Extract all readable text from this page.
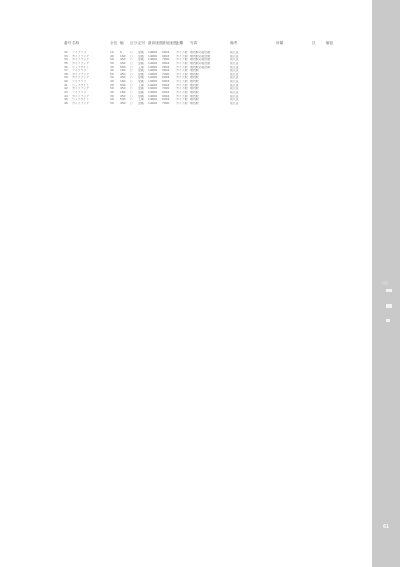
番号 名称	全長 幅	区分 記号 最高速度 最低速度 距離	写真	備考	所属	区	解説
32	ライブラリ	10	5	○	金属	14000	0004	ガイド駅 場内駅の接続駅	坂元区
33	ガイドブック	40	160	○	金属	14000	0004	ガイド駅 場内駅の接続駅	坂元区
34	ガイドブック	50	450	○	金属	14000	7000	ガイド駅 場内駅の接続駅	坂元区
35	ガイドブック	30	450	○	金属	14000	0004	ガイド駅 場内駅の接続駅	坂元区
36	ウェブサイト	30	500	○	工事	14000	0004	ガイド駅 場内駅の接続駅	坂元区
37	ライブラリ	40	160	○	金属	14000	0004	ガイド駅 場内駅	坂元区
38	ガイドブック	50	450	○	金属	14000	7000	ガイド駅 場内駅	坂元区
39	ガイドブック	30	450	○	金属	14000	0004	ガイド駅 場内駅	坂元区
40	ライブラリ	40	160	○	金属	14000	0004	ガイド駅 場内駅	坂元区
41	ウェブサイト	30	500	○	工事	14000	0004	ガイド駅 場内駅	坂元区
42	ガイドブック	50	450	○	金属	14000	7000	ガイド駅 場内駅	坂元区
43	ライブラリ	40	160	○	金属	14000	0004	ガイド駅 場内駅	坂元区
44	ガイドブック	30	450	○	金属	14000	0004	ガイド駅 場内駅	坂元区
45	ウェブサイト	30	500	○	工事	14000	0004	ガイド駅 場内駅	坂元区
46	ガイドブック	50	450	○	金属	14000	7000	ガイド駅 場内駅	坂元区
目次
61
